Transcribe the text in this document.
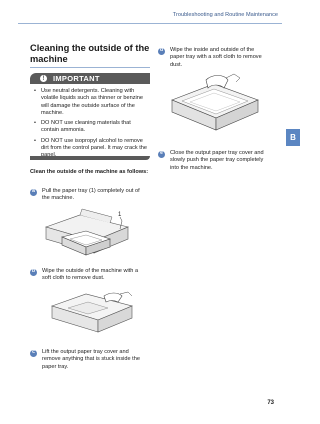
Troubleshooting and Routine Maintenance
B
Cleaning the outside of the machine
!	IMPORTANT
• Use neutral detergents. Cleaning with volatile liquids such as thinner or benzine will damage the outside surface of the machine.
• DO NOT use cleaning materials that contain ammonia.
• DO NOT use isopropyl alcohol to remove dirt from the control panel. It may crack the
Clean the outside of the machine as follows:
a	Pull the paper tray (1) completely out of the machine.
1
b	Wipe the outside of the machine with a soft cloth to remove dust.
c	Lift the output paper tray cover and remove anything that is stuck inside the paper tray.
d	Wipe the inside and outside of the paper tray with a soft cloth to remove dust.
e	Close the output paper tray cover and slowly push the paper tray completely into the machine.
73
